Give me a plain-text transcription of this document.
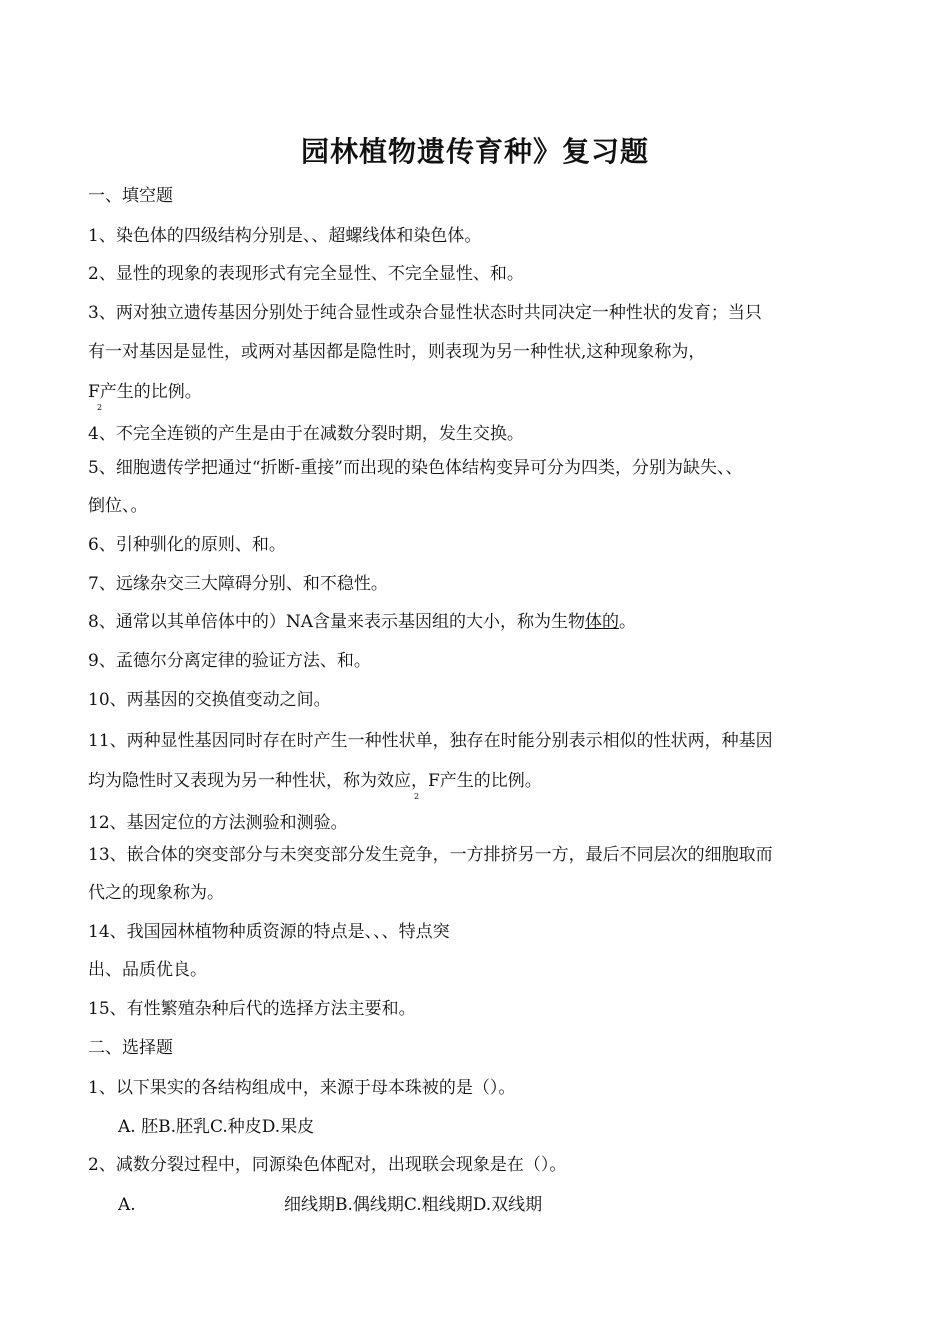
园林植物遗传育种》复习题
一、填空题
1、染色体的四级结构分别是、、超螺线体和染色体。
2、显性的现象的表现形式有完全显性、不完全显性、和。
3、两对独立遗传基因分别处于纯合显性或杂合显性状态时共同决定一种性状的发育；当只
有一对基因是显性，或两对基因都是隐性时，则表现为另一种性状,这种现象称为，
F产生的比例。
2
4、不完全连锁的产生是由于在减数分裂时期，发生交换。
5、细胞遗传学把通过“折断-重接”而出现的染色体结构变异可分为四类，分别为缺失、、
倒位、。
6、引种驯化的原则、和。
7、远缘杂交三大障碍分别、和不稳性。
8、通常以其单倍体中的）NA含量来表示基因组的大小，称为生物体的。
9、孟德尔分离定律的验证方法、和。
10、两基因的交换值变动之间。
11、两种显性基因同时存在时产生一种性状单，独存在时能分别表示相似的性状两，种基因
均为隐性时又表现为另一种性状，称为效应，F产生的比例。
2
12、基因定位的方法测验和测验。
13、嵌合体的突变部分与未突变部分发生竞争，一方排挤另一方，最后不同层次的细胞取而
代之的现象称为。
14、我国园林植物种质资源的特点是、、、特点突
出、品质优良。
15、有性繁殖杂种后代的选择方法主要和。
二、选择题
1、以下果实的各结构组成中，来源于母本珠被的是（）。
A. 胚B.胚乳C.种皮D.果皮
2、减数分裂过程中，同源染色体配对，出现联会现象是在（）。
A.	细线期B.偶线期C.粗线期D.双线期
